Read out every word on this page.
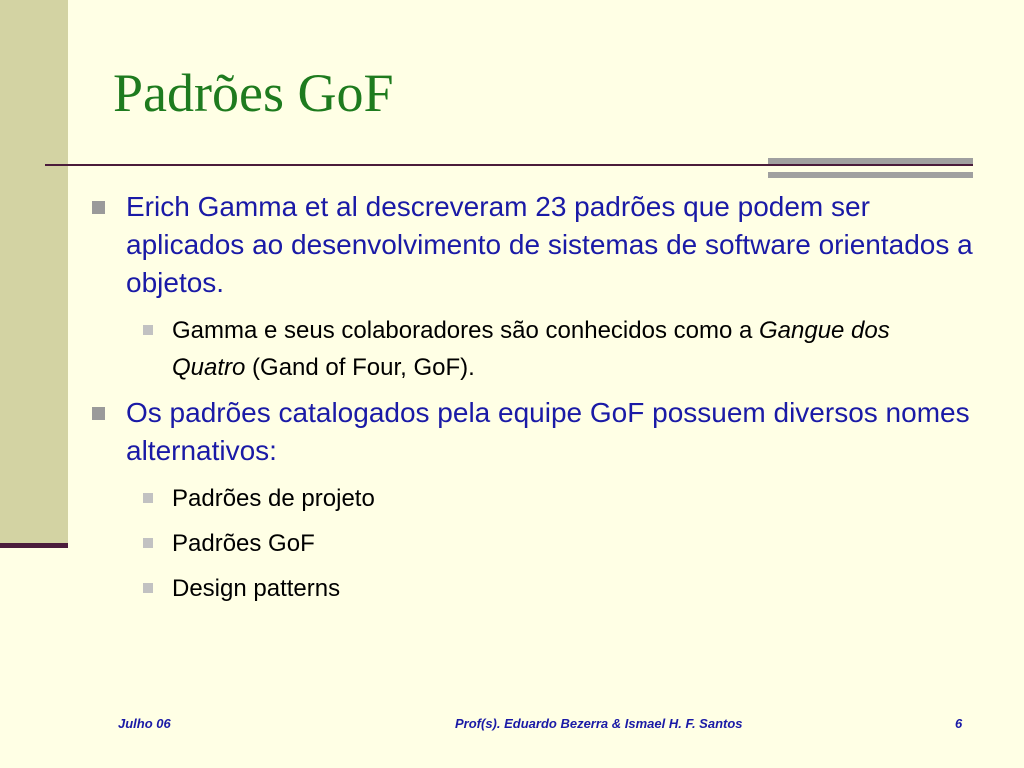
Padrões GoF
Erich Gamma et al descreveram 23 padrões que podem ser aplicados ao desenvolvimento de sistemas de software orientados a objetos.
Gamma e seus colaboradores são conhecidos como a Gangue dos Quatro (Gand of Four, GoF).
Os padrões catalogados pela equipe GoF possuem diversos nomes alternativos:
Padrões de projeto
Padrões GoF
Design patterns
Julho 06	Prof(s). Eduardo Bezerra & Ismael H. F. Santos	6
